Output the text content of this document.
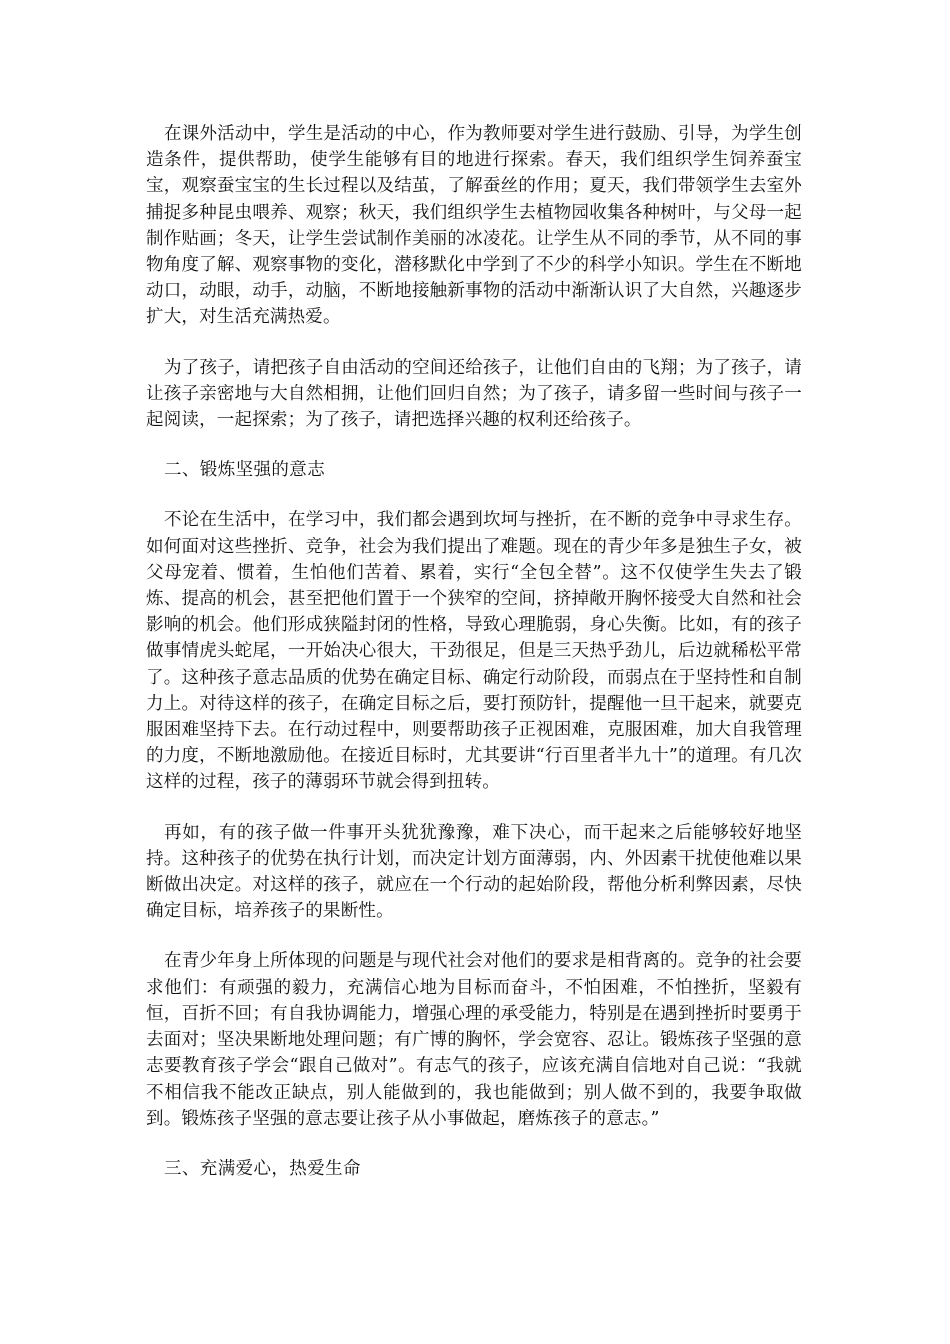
在课外活动中，学生是活动的中心，作为教师要对学生进行鼓励、引导，为学生创造条件，提供帮助，使学生能够有目的地进行探索。春天，我们组织学生饲养蚕宝宝，观察蚕宝宝的生长过程以及结茧，了解蚕丝的作用；夏天，我们带领学生去室外捕捉多种昆虫喂养、观察；秋天，我们组织学生去植物园收集各种树叶，与父母一起制作贴画；冬天，让学生尝试制作美丽的冰凌花。让学生从不同的季节，从不同的事物角度了解、观察事物的变化，潜移默化中学到了不少的科学小知识。学生在不断地动口，动眼，动手，动脑，不断地接触新事物的活动中渐渐认识了大自然，兴趣逐步扩大，对生活充满热爱。

为了孩子，请把孩子自由活动的空间还给孩子，让他们自由的飞翔；为了孩子，请让孩子亲密地与大自然相拥，让他们回归自然；为了孩子，请多留一些时间与孩子一起阅读，一起探索；为了孩子，请把选择兴趣的权利还给孩子。

二、锻炼坚强的意志

不论在生活中，在学习中，我们都会遇到坎坷与挫折，在不断的竞争中寻求生存。如何面对这些挫折、竞争，社会为我们提出了难题。现在的青少年多是独生子女，被父母宠着、惯着，生怕他们苦着、累着，实行“全包全替”。这不仅使学生失去了锻炼、提高的机会，甚至把他们置于一个狭窄的空间，挤掉敞开胸怀接受大自然和社会影响的机会。他们形成狭隘封闭的性格，导致心理脆弱，身心失衡。比如，有的孩子做事情虎头蛇尾，一开始决心很大，干劲很足，但是三天热乎劲儿，后边就稀松平常了。这种孩子意志品质的优势在确定目标、确定行动阶段，而弱点在于坚持性和自制力上。对待这样的孩子，在确定目标之后，要打预防针，提醒他一旦干起来，就要克服困难坚持下去。在行动过程中，则要帮助孩子正视困难，克服困难，加大自我管理的力度，不断地激励他。在接近目标时，尤其要讲“行百里者半九十”的道理。有几次这样的过程，孩子的薄弱环节就会得到扭转。

再如，有的孩子做一件事开头犹犹豫豫，难下决心，而干起来之后能够较好地坚持。这种孩子的优势在执行计划，而决定计划方面薄弱，内、外因素干扰使他难以果断做出决定。对这样的孩子，就应在一个行动的起始阶段，帮他分析利弊因素，尽快确定目标，培养孩子的果断性。

在青少年身上所体现的问题是与现代社会对他们的要求是相背离的。竞争的社会要求他们：有顽强的毅力，充满信心地为目标而奋斗，不怕困难，不怕挫折，坚毅有恒，百折不回；有自我协调能力，增强心理的承受能力，特别是在遇到挫折时要勇于去面对；坚决果断地处理问题；有广博的胸怀，学会宽容、忍让。锻炼孩子坚强的意志要教育孩子学会“跟自己做对”。有志气的孩子，应该充满自信地对自己说：“我就不相信我不能改正缺点，别人能做到的，我也能做到；别人做不到的，我要争取做到。锻炼孩子坚强的意志要让孩子从小事做起，磨炼孩子的意志。”

三、充满爱心，热爱生命
